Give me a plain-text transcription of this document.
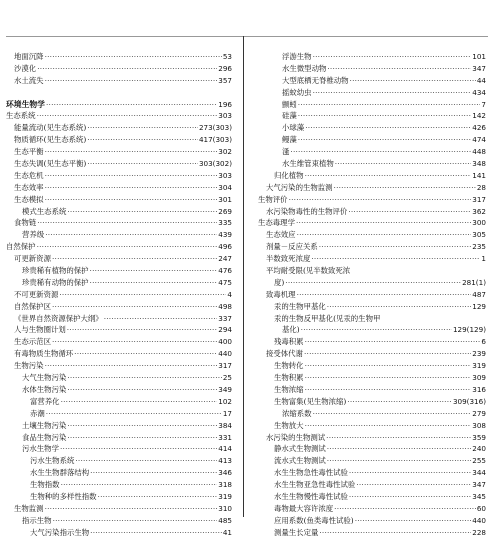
地面沉降 ·····	53
沙漠化 ·····	296
水土流失 ·····	357
环境生物学 ·····	196
生态系统 ·····	303
能量流动(见生态系统) ·····	273(303)
物质循环(见生态系统) ·····	417(303)
生态平衡 ·····	302
生态失调(见生态平衡) ·····	303(302)
生态危机 ·····	303
生态效率 ·····	304
生态模拟 ·····	301
模式生态系统 ·····	269
食物链 ·····	335
营养级 ·····	439
自然保护 ·····	496
可更新资源 ·····	247
珍贵稀有植物的保护 ·····	476
珍贵稀有动物的保护 ·····	475
不可更新资源 ·····	4
自然保护区 ·····	498
《世界自然资源保护大纲》 ·····	337
人与生物圈计划 ·····	294
生态示范区 ·····	400
有毒物质生物循环 ·····	440
生物污染 ·····	317
大气生物污染 ·····	25
水体生物污染 ·····	349
富营养化 ·····	102
赤潮 ·····	17
土壤生物污染 ·····	384
食品生物污染 ·····	331
污水生物学 ·····	414
污水生物系统 ·····	413
水生生物群落结构 ·····	346
生物指数 ·····	318
生物种的多样性指数 ·····	319
生物监测 ·····	310
指示生物 ·····	485
大气污染指示生物 ·····	41
浮游生物 ·····	101
水生微型动物 ·····	347
大型底栖无脊椎动物 ·····	44
摇蚊幼虫 ·····	434
颤蚓 ·····	7
硅藻 ·····	142
小球藻 ·····	426
鳗藻 ·····	474
溞 ·····	448
水生维管束植物 ·····	348
归化植物 ·····	141
大气污染的生物监测 ·····	28
生物评价 ·····	317
水污染物毒性的生物评价 ·····	362
生态毒理学 ·····	300
生态效应 ·····	305
剂量－反应关系 ·····	235
半数致死浓度 ·····	1
平均耐受限(见半数致死浓
度) ·····	281(1)
致毒机理 ·····	487
汞的生物甲基化 ·····	129
汞的生物反甲基化(见汞的生物甲
基化) ·····	129(129)
残毒积累 ·····	6
接受体代谢 ·····	239
生物转化 ·····	319
生物积累 ·····	309
生物浓缩 ·····	316
生物富集(见生物浓缩) ·····	309(316)
浓缩系数 ·····	279
生物放大 ·····	308
水污染的生物测试 ·····	359
静水式生物测试 ·····	240
流水式生物测试 ·····	255
水生生物急性毒性试验 ·····	344
水生生物亚急性毒性试验 ·····	347
水生生物慢性毒性试验 ·····	345
毒物最大容许浓度 ·····	60
应用系数(鱼类毒性试验) ·····	440
测量生长定量 ·····	228
